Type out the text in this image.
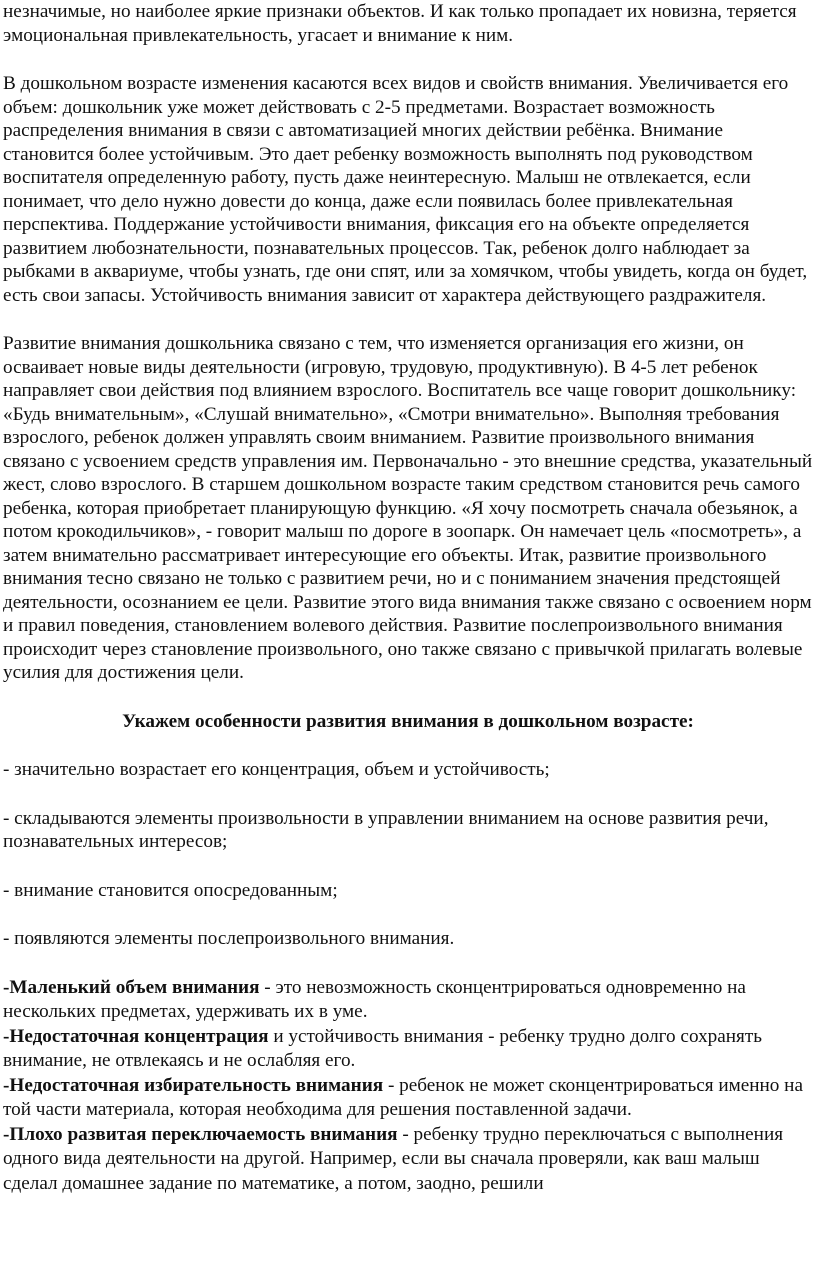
незначимые, но наиболее яркие признаки объектов. И как только пропадает их новизна, теряется эмоциональная привлекательность, угасает и внимание к ним.

В дошкольном возрасте изменения касаются всех видов и свойств внимания. Увеличивается его объем: дошкольник уже может действовать с 2-5 предметами. Возрастает возможность распределения внимания в связи с автоматизацией многих действии ребёнка. Внимание становится более устойчивым. Это дает ребенку возможность выполнять под руководством воспитателя определенную работу, пусть даже неинтересную. Малыш не отвлекается, если понимает, что дело нужно довести до конца, даже если появилась более привлекательная перспектива. Поддержание устойчивости внимания, фиксация его на объекте определяется развитием любознательности, познавательных процессов. Так, ребенок долго наблюдает за рыбками в аквариуме, чтобы узнать, где они спят, или за хомячком, чтобы увидеть, когда он будет, есть свои запасы. Устойчивость внимания зависит от характера действующего раздражителя.

Развитие внимания дошкольника связано с тем, что изменяется организация его жизни, он осваивает новые виды деятельности (игровую, трудовую, продуктивную). В 4-5 лет ребенок направляет свои действия под влиянием взрослого. Воспитатель все чаще говорит дошкольнику: «Будь внимательным», «Слушай внимательно», «Смотри внимательно». Выполняя требования взрослого, ребенок должен управлять своим вниманием. Развитие произвольного внимания связано с усвоением средств управления им. Первоначально - это внешние средства, указательный жест, слово взрослого. В старшем дошкольном возрасте таким средством становится речь самого ребенка, которая приобретает планирующую функцию. «Я хочу посмотреть сначала обезьянок, а потом крокодильчиков», - говорит малыш по дороге в зоопарк. Он намечает цель «посмотреть», а затем внимательно рассматривает интересующие его объекты. Итак, развитие произвольного внимания тесно связано не только с развитием речи, но и с пониманием значения предстоящей деятельности, осознанием ее цели. Развитие этого вида внимания также связано с освоением норм и правил поведения, становлением волевого действия. Развитие послепроизвольного внимания происходит через становление произвольного, оно также связано с привычкой прилагать волевые усилия для достижения цели.

Укажем особенности развития внимания в дошкольном возрасте:

- значительно возрастает его концентрация, объем и устойчивость;

- складываются элементы произвольности в управлении вниманием на основе развития речи, познавательных интересов;

- внимание становится опосредованным;

- появляются элементы послепроизвольного внимания.

-Маленький объем внимания - это невозможность сконцентрироваться одновременно на нескольких предметах, удерживать их в уме.

-Недостаточная концентрация и устойчивость внимания - ребенку трудно долго сохранять внимание, не отвлекаясь и не ослабляя его.

-Недостаточная избирательность внимания - ребенок не может сконцентрироваться именно на той части материала, которая необходима для решения поставленной задачи.

-Плохо развитая переключаемость внимания - ребенку трудно переключаться с выполнения одного вида деятельности на другой. Например, если вы сначала проверяли, как ваш малыш сделал домашнее задание по математике, а потом, заодно, решили
